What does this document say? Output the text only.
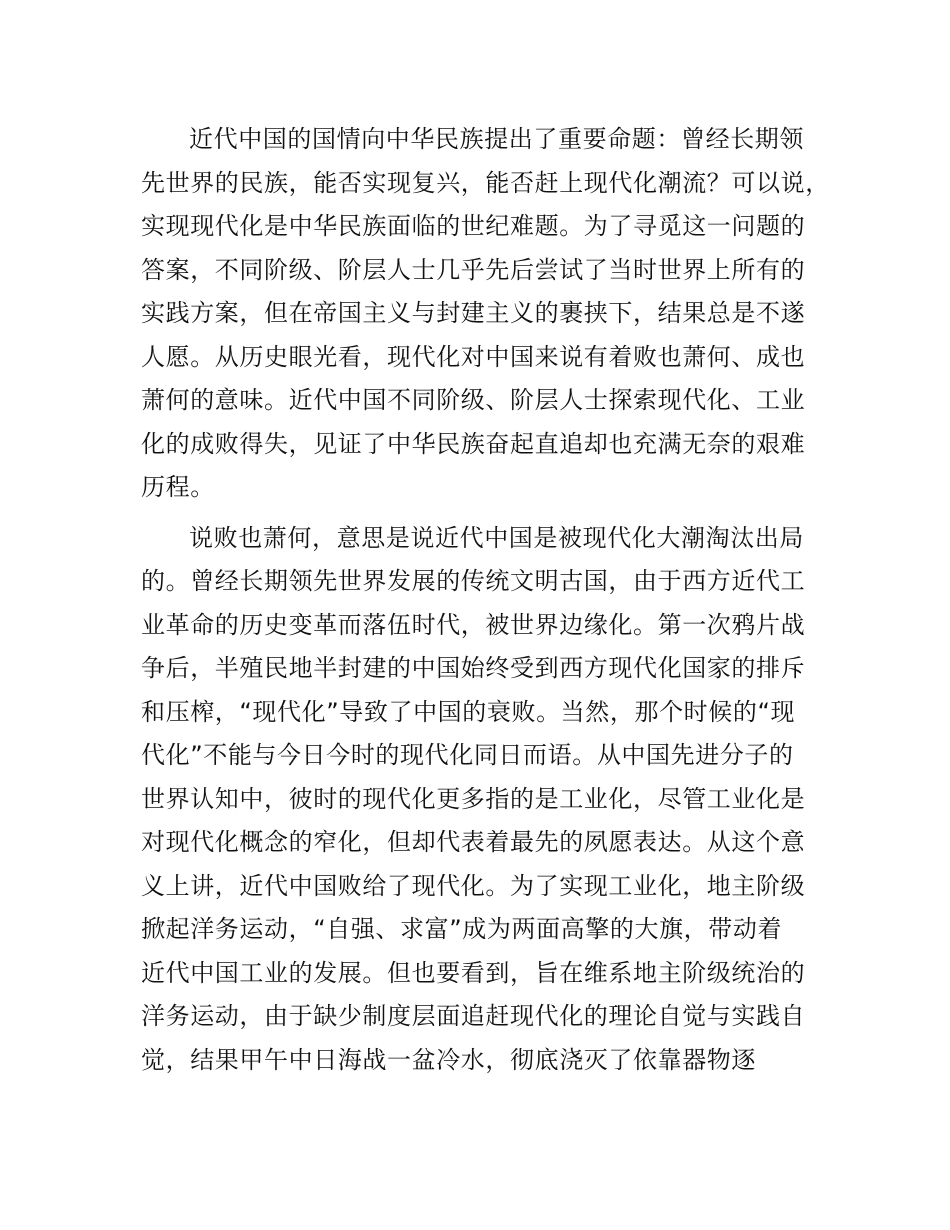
近代中国的国情向中华民族提出了重要命题：曾经长期领
先世界的民族，能否实现复兴，能否赶上现代化潮流？可以说，
实现现代化是中华民族面临的世纪难题。为了寻觅这一问题的
答案，不同阶级、阶层人士几乎先后尝试了当时世界上所有的
实践方案，但在帝国主义与封建主义的裹挟下，结果总是不遂
人愿。从历史眼光看，现代化对中国来说有着败也萧何、成也
萧何的意味。近代中国不同阶级、阶层人士探索现代化、工业
化的成败得失，见证了中华民族奋起直追却也充满无奈的艰难
历程。

说败也萧何，意思是说近代中国是被现代化大潮淘汰出局
的。曾经长期领先世界发展的传统文明古国，由于西方近代工
业革命的历史变革而落伍时代，被世界边缘化。第一次鸦片战
争后，半殖民地半封建的中国始终受到西方现代化国家的排斥
和压榨，“现代化”导致了中国的衰败。当然，那个时候的“现
代化”不能与今日今时的现代化同日而语。从中国先进分子的
世界认知中，彼时的现代化更多指的是工业化，尽管工业化是
对现代化概念的窄化，但却代表着最先的夙愿表达。从这个意
义上讲，近代中国败给了现代化。为了实现工业化，地主阶级
掀起洋务运动，“自强、求富”成为两面高擎的大旗，带动着
近代中国工业的发展。但也要看到，旨在维系地主阶级统治的
洋务运动，由于缺少制度层面追赶现代化的理论自觉与实践自
觉，结果甲午中日海战一盆冷水，彻底浇灭了依靠器物逐
